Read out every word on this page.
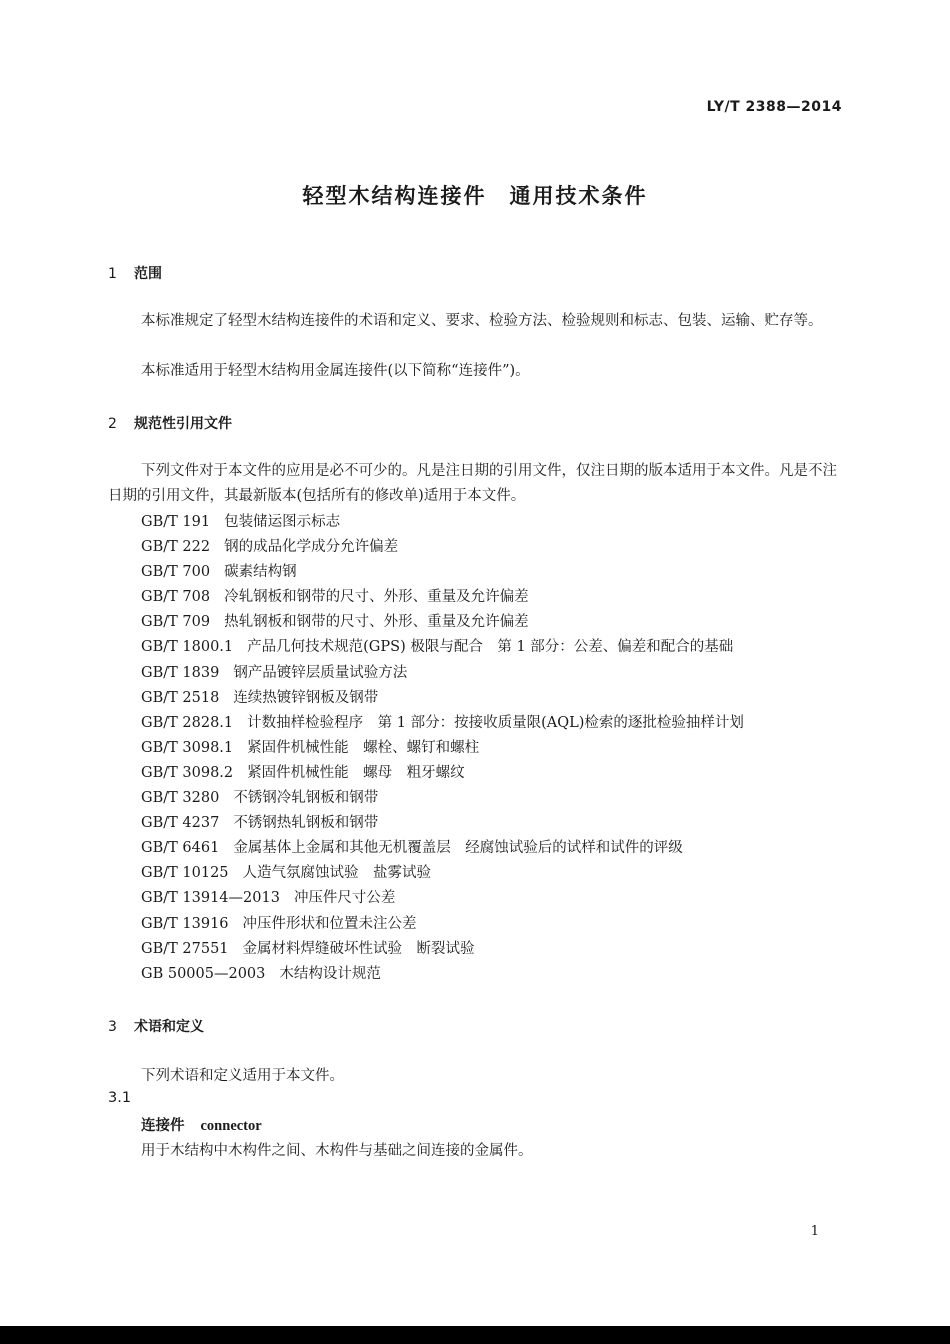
LY/T 2388—2014
轻型木结构连接件　通用技术条件
1 范围

本标准规定了轻型木结构连接件的术语和定义、要求、检验方法、检验规则和标志、包装、运输、贮存等。

本标准适用于轻型木结构用金属连接件(以下简称“连接件”)。
2 规范性引用文件

下列文件对于本文件的应用是必不可少的。凡是注日期的引用文件，仅注日期的版本适用于本文件。凡是不注日期的引用文件，其最新版本(包括所有的修改单)适用于本文件。

GB/T 191 包装储运图示标志
GB/T 222 钢的成品化学成分允许偏差
GB/T 700 碳素结构钢
GB/T 708 冷轧钢板和钢带的尺寸、外形、重量及允许偏差
GB/T 709 热轧钢板和钢带的尺寸、外形、重量及允许偏差
GB/T 1800.1 产品几何技术规范(GPS) 极限与配合　第 1 部分：公差、偏差和配合的基础
GB/T 1839 钢产品镀锌层质量试验方法
GB/T 2518 连续热镀锌钢板及钢带
GB/T 2828.1 计数抽样检验程序　第 1 部分：按接收质量限(AQL)检索的逐批检验抽样计划
GB/T 3098.1 紧固件机械性能　螺栓、螺钉和螺柱
GB/T 3098.2 紧固件机械性能　螺母　粗牙螺纹
GB/T 3280 不锈钢冷轧钢板和钢带
GB/T 4237 不锈钢热轧钢板和钢带
GB/T 6461 金属基体上金属和其他无机覆盖层　经腐蚀试验后的试样和试件的评级
GB/T 10125 人造气氛腐蚀试验　盐雾试验
GB/T 13914—2013 冲压件尺寸公差
GB/T 13916 冲压件形状和位置未注公差
GB/T 27551 金属材料焊缝破坏性试验　断裂试验
GB 50005—2003 木结构设计规范
3 术语和定义
下列术语和定义适用于本文件。
3.1
连接件 connector
用于木结构中木构件之间、木构件与基础之间连接的金属件。
1
